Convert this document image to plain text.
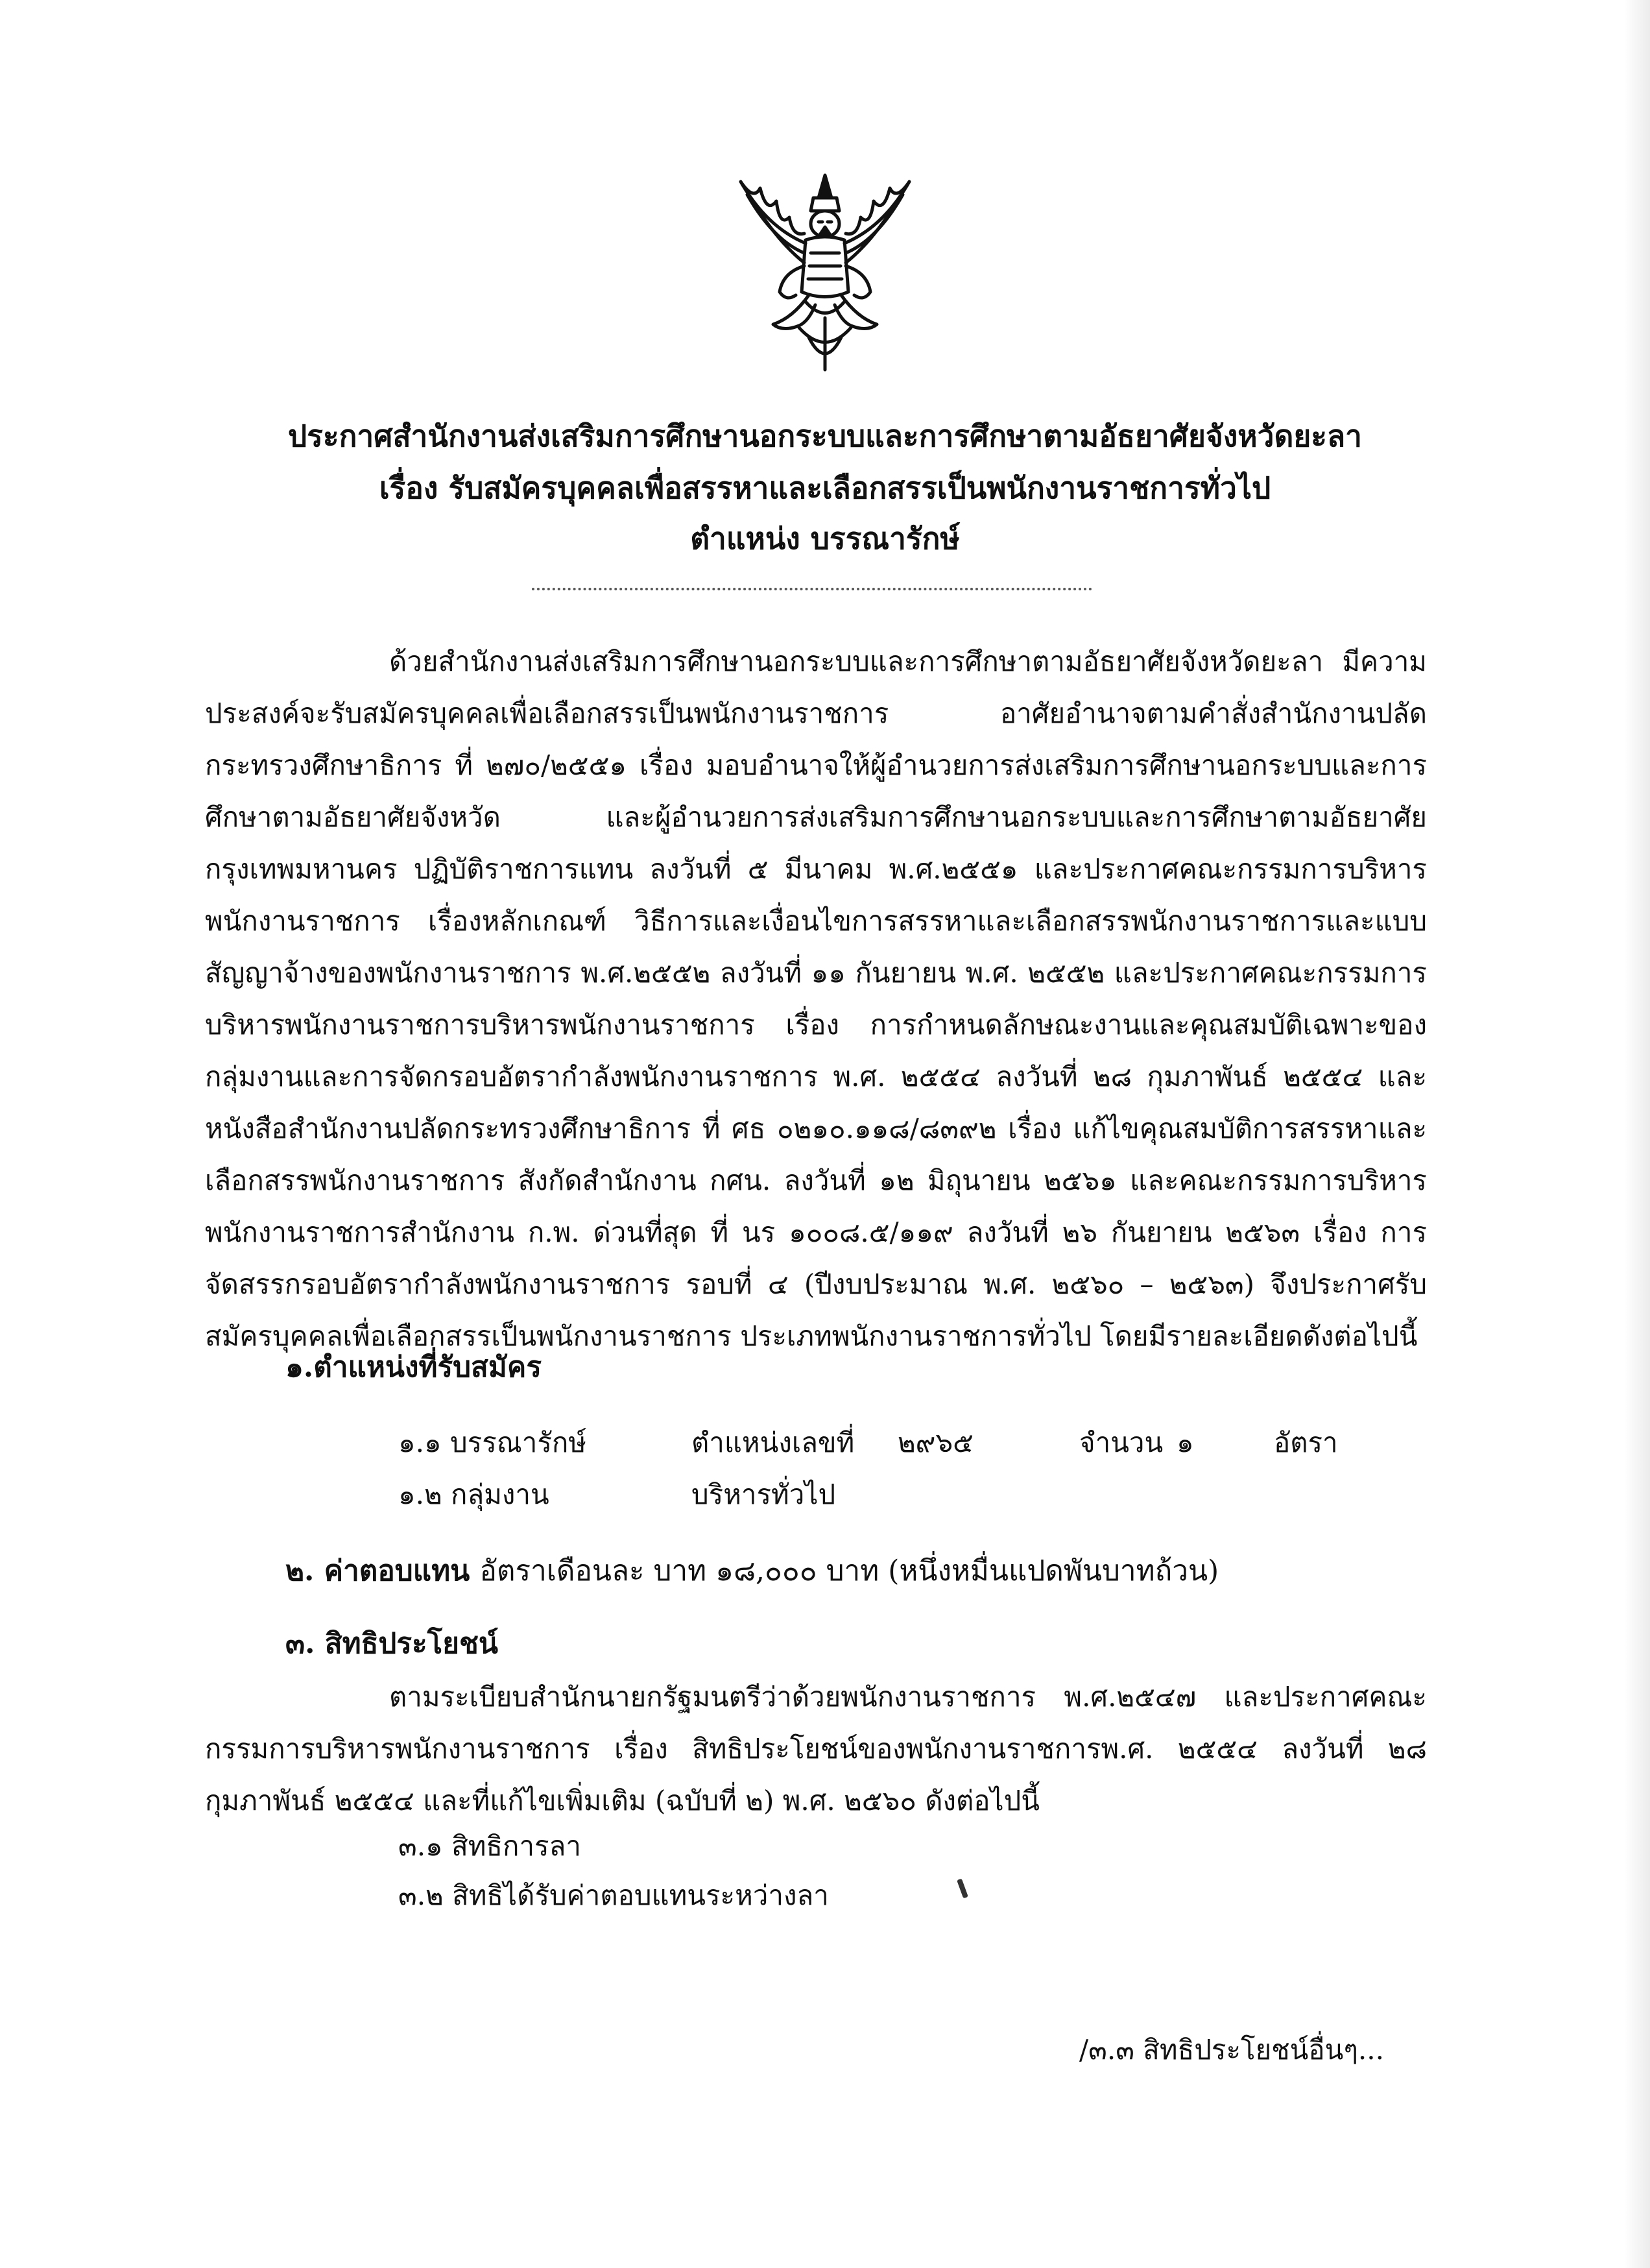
ประกาศสำนักงานส่งเสริมการศึกษานอกระบบและการศึกษาตามอัธยาศัยจังหวัดยะลา
เรื่อง รับสมัครบุคคลเพื่อสรรหาและเลือกสรรเป็นพนักงานราชการทั่วไป
ตำแหน่ง บรรณารักษ์

ด้วยสำนักงานส่งเสริมการศึกษานอกระบบและการศึกษาตามอัธยาศัยจังหวัดยะลา มีความประสงค์จะรับสมัครบุคคลเพื่อเลือกสรรเป็นพนักงานราชการ อาศัยอำนาจตามคำสั่งสำนักงานปลัดกระทรวงศึกษาธิการ ที่ ๒๗๐/๒๕๕๑ เรื่อง มอบอำนาจให้ผู้อำนวยการส่งเสริมการศึกษานอกระบบและการศึกษาตามอัธยาศัยจังหวัด และผู้อำนวยการส่งเสริมการศึกษานอกระบบและการศึกษาตามอัธยาศัยกรุงเทพมหานคร ปฏิบัติราชการแทน ลงวันที่ ๕ มีนาคม พ.ศ.๒๕๕๑ และประกาศคณะกรรมการบริหารพนักงานราชการ เรื่องหลักเกณฑ์ วิธีการและเงื่อนไขการสรรหาและเลือกสรรพนักงานราชการและแบบสัญญาจ้างของพนักงานราชการ พ.ศ.๒๕๕๒ ลงวันที่ ๑๑ กันยายน พ.ศ. ๒๕๕๒ และประกาศคณะกรรมการบริหารพนักงานราชการบริหารพนักงานราชการ เรื่อง การกำหนดลักษณะงานและคุณสมบัติเฉพาะของกลุ่มงานและการจัดกรอบอัตรากำลังพนักงานราชการ พ.ศ. ๒๕๕๔ ลงวันที่ ๒๘ กุมภาพันธ์ ๒๕๕๔ และหนังสือสำนักงานปลัดกระทรวงศึกษาธิการ ที่ ศธ ๐๒๑๐.๑๑๘/๘๓๙๒ เรื่อง แก้ไขคุณสมบัติการสรรหาและเลือกสรรพนักงานราชการ สังกัดสำนักงาน กศน. ลงวันที่ ๑๒ มิถุนายน ๒๕๖๑ และคณะกรรมการบริหารพนักงานราชการสำนักงาน ก.พ. ด่วนที่สุด ที่ นร ๑๐๐๘.๕/๑๑๙ ลงวันที่ ๒๖ กันยายน ๒๕๖๓ เรื่อง การจัดสรรกรอบอัตรากำลังพนักงานราชการ รอบที่ ๔ (ปีงบประมาณ พ.ศ. ๒๕๖๐ – ๒๕๖๓) จึงประกาศรับสมัครบุคคลเพื่อเลือกสรรเป็นพนักงานราชการ ประเภทพนักงานราชการทั่วไป โดยมีรายละเอียดดังต่อไปนี้

๑.ตำแหน่งที่รับสมัคร
๑.๑ บรรณารักษ์	ตำแหน่งเลขที่ ๒๙๖๕	จำนวน ๑	อัตรา
๑.๒ กลุ่มงาน	บริหารทั่วไป
๒. ค่าตอบแทน อัตราเดือนละ บาท ๑๘,๐๐๐ บาท (หนึ่งหมื่นแปดพันบาทถ้วน)
๓. สิทธิประโยชน์

ตามระเบียบสำนักนายกรัฐมนตรีว่าด้วยพนักงานราชการ พ.ศ.๒๕๔๗ และประกาศคณะกรรมการบริหารพนักงานราชการ เรื่อง สิทธิประโยชน์ของพนักงานราชการพ.ศ. ๒๕๕๔ ลงวันที่ ๒๘ กุมภาพันธ์ ๒๕๕๔ และที่แก้ไขเพิ่มเติม (ฉบับที่ ๒) พ.ศ. ๒๕๖๐ ดังต่อไปนี้

๓.๑ สิทธิการลา
๓.๒ สิทธิได้รับค่าตอบแทนระหว่างลา
/๓.๓ สิทธิประโยชน์อื่นๆ...
